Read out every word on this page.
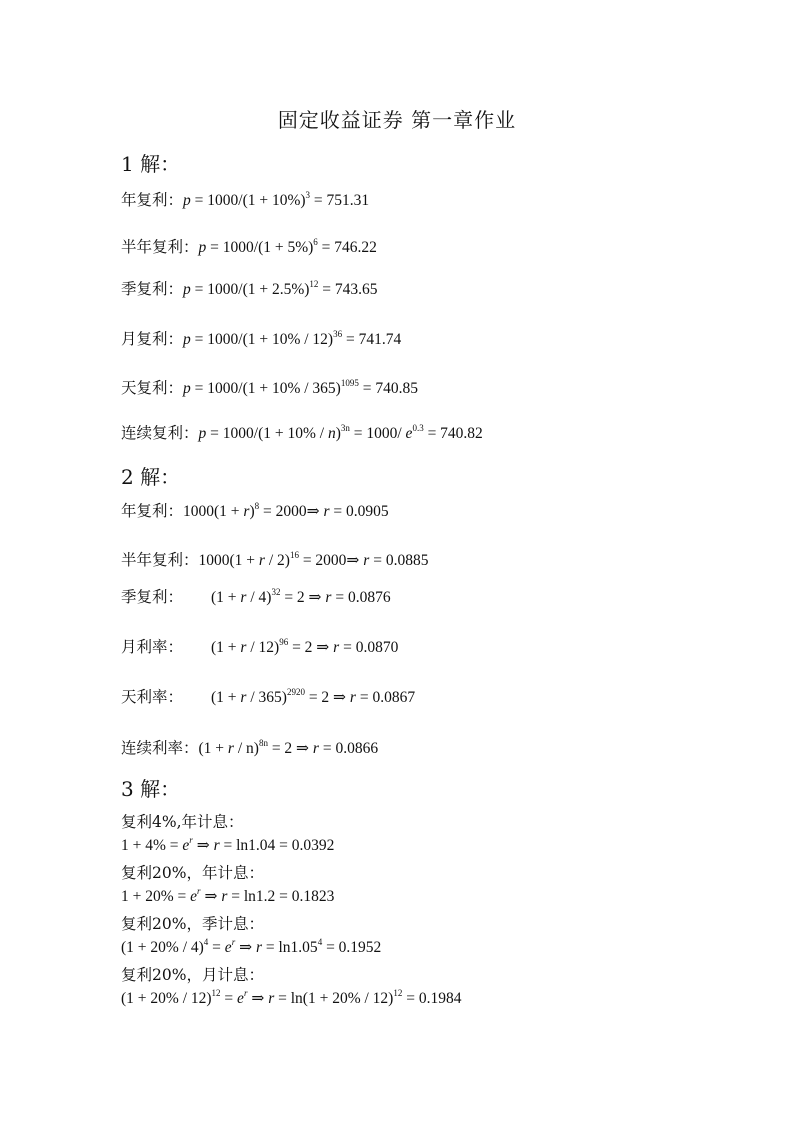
固定收益证券 第一章作业
1 解：
年复利：$p = 1000/(1 + 10\%)^3 = 751.31$
半年复利：$p = 1000/(1 + 5\%)^6 = 746.22$
季复利：$p = 1000/(1 + 2.5\%)^{12} = 743.65$
月复利：$p = 1000/(1 + 10\% / 12)^{36} = 741.74$
天复利：$p = 1000/(1 + 10\% / 365)^{1095} = 740.85$
连续复利：$p = 1000/(1 + 10\% / n)^{3n} = 1000/$ $e^{0.3} = 740.82$
2 解：
年复利：$1000(1 + r)^8$ = 2000⇒ r = 0.0905
半年复利：$1000(1 + r / 2)^{16}$ = 2000⇒ r = 0.0885
季复利： $(1 + r / 4)^{32} = 2$ ⇒ r = 0.0876
月利率： $(1 + r / 12)^{96} = 2$ ⇒ r = 0.0870
天利率： $(1 + r / 365)^{2920} = 2$ ⇒ r = 0.0867
连续利率：$(1 + r / n)^{8n} = 2$ ⇒ r = 0.0866
3 解：
复利4%,年计息：
$1 + 4\% = e^r$ ⇒ r = ln1.04 = 0.0392
复利20%，年计息：
$1 + 20\% = e^r$ ⇒ r = ln1.2 = 0.1823
复利20%，季计息：
$(1 + 20\% / 4)^4 = e^r$ ⇒ $r = \ln 1.05^4 = 0.1952$
复利20%，月计息：
$(1 + 20\% / 12)^{12} = e^r$ ⇒ $r = \ln(1 + 20\% / 12)^{12} = 0.1984$
